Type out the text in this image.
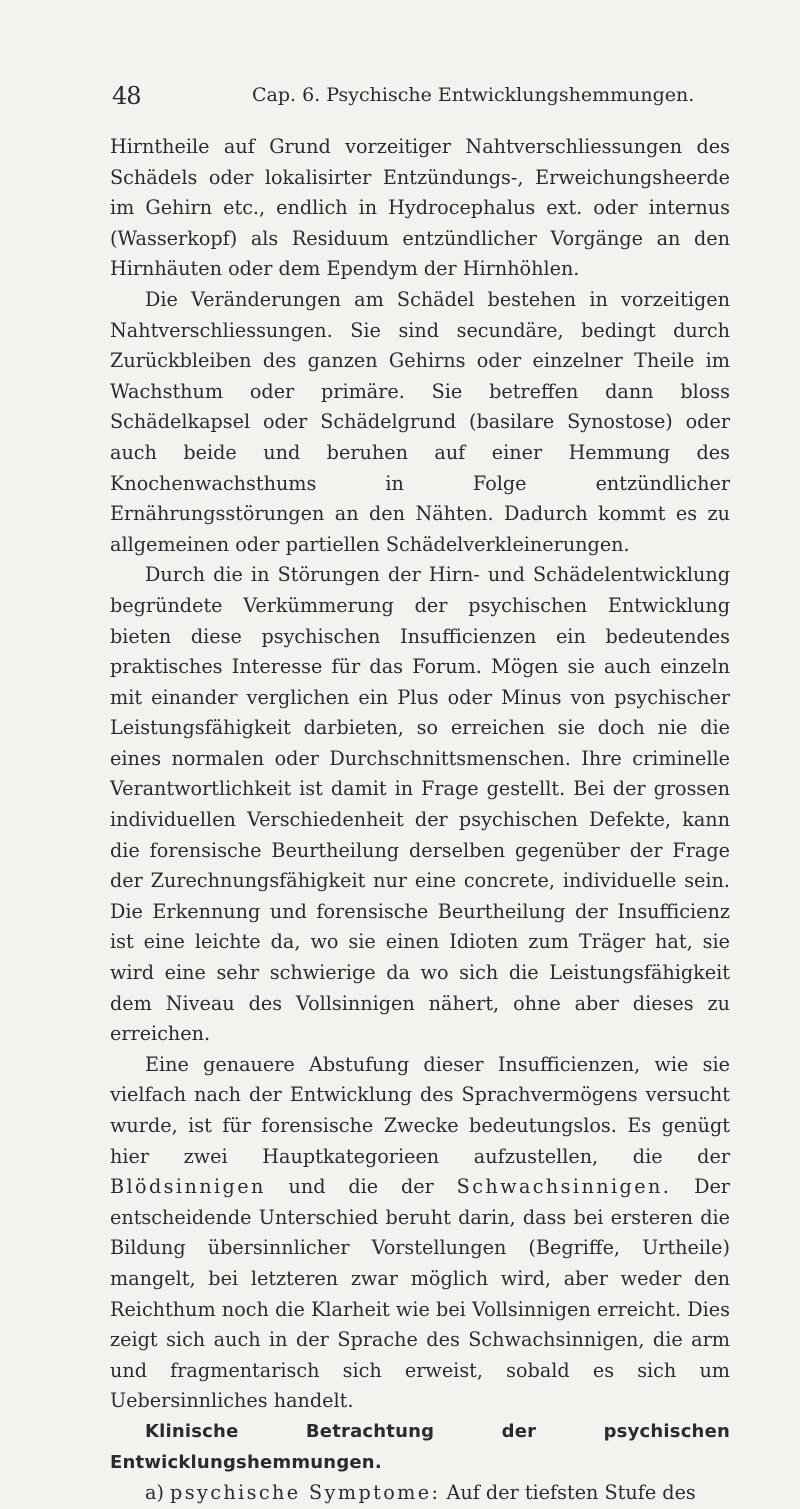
48	Cap. 6. Psychische Entwicklungshemmungen.

Hirntheile auf Grund vorzeitiger Nahtverschliessungen des Schädels oder lokalisirter Entzündungs-, Erweichungsheerde im Gehirn etc., endlich in Hydrocephalus ext. oder internus (Wasserkopf) als Residuum entzündlicher Vorgänge an den Hirnhäuten oder dem Ependym der Hirnhöhlen.

Die Veränderungen am Schädel bestehen in vorzeitigen Nahtverschliessungen. Sie sind secundäre, bedingt durch Zurückbleiben des ganzen Gehirns oder einzelner Theile im Wachsthum oder primäre. Sie betreffen dann bloss Schädelkapsel oder Schädelgrund (basilare Synostose) oder auch beide und beruhen auf einer Hemmung des Knochenwachsthums in Folge entzündlicher Ernährungsstörungen an den Nähten. Dadurch kommt es zu allgemeinen oder partiellen Schädelverkleinerungen.

Durch die in Störungen der Hirn- und Schädelentwicklung begründete Verkümmerung der psychischen Entwicklung bieten diese psychischen Insufficienzen ein bedeutendes praktisches Interesse für das Forum. Mögen sie auch einzeln mit einander verglichen ein Plus oder Minus von psychischer Leistungsfähigkeit darbieten, so erreichen sie doch nie die eines normalen oder Durchschnittsmenschen. Ihre criminelle Verantwortlichkeit ist damit in Frage gestellt. Bei der grossen individuellen Verschiedenheit der psychischen Defekte, kann die forensische Beurtheilung derselben gegenüber der Frage der Zurechnungsfähigkeit nur eine concrete, individuelle sein. Die Erkennung und forensische Beurtheilung der Insufficienz ist eine leichte da, wo sie einen Idioten zum Träger hat, sie wird eine sehr schwierige da wo sich die Leistungsfähigkeit dem Niveau des Vollsinnigen nähert, ohne aber dieses zu erreichen.

Eine genauere Abstufung dieser Insufficienzen, wie sie vielfach nach der Entwicklung des Sprachvermögens versucht wurde, ist für forensische Zwecke bedeutungslos. Es genügt hier zwei Hauptkategorieen aufzustellen, die der Blödsinnigen und die der Schwachsinnigen. Der entscheidende Unterschied beruht darin, dass bei ersteren die Bildung übersinnlicher Vorstellungen (Begriffe, Urtheile) mangelt, bei letzteren zwar möglich wird, aber weder den Reichthum noch die Klarheit wie bei Vollsinnigen erreicht. Dies zeigt sich auch in der Sprache des Schwachsinnigen, die arm und fragmentarisch sich erweist, sobald es sich um Uebersinnliches handelt.

Klinische Betrachtung der psychischen Entwicklungshemmungen.

a) psychische Symptome: Auf der tiefsten Stufe des
